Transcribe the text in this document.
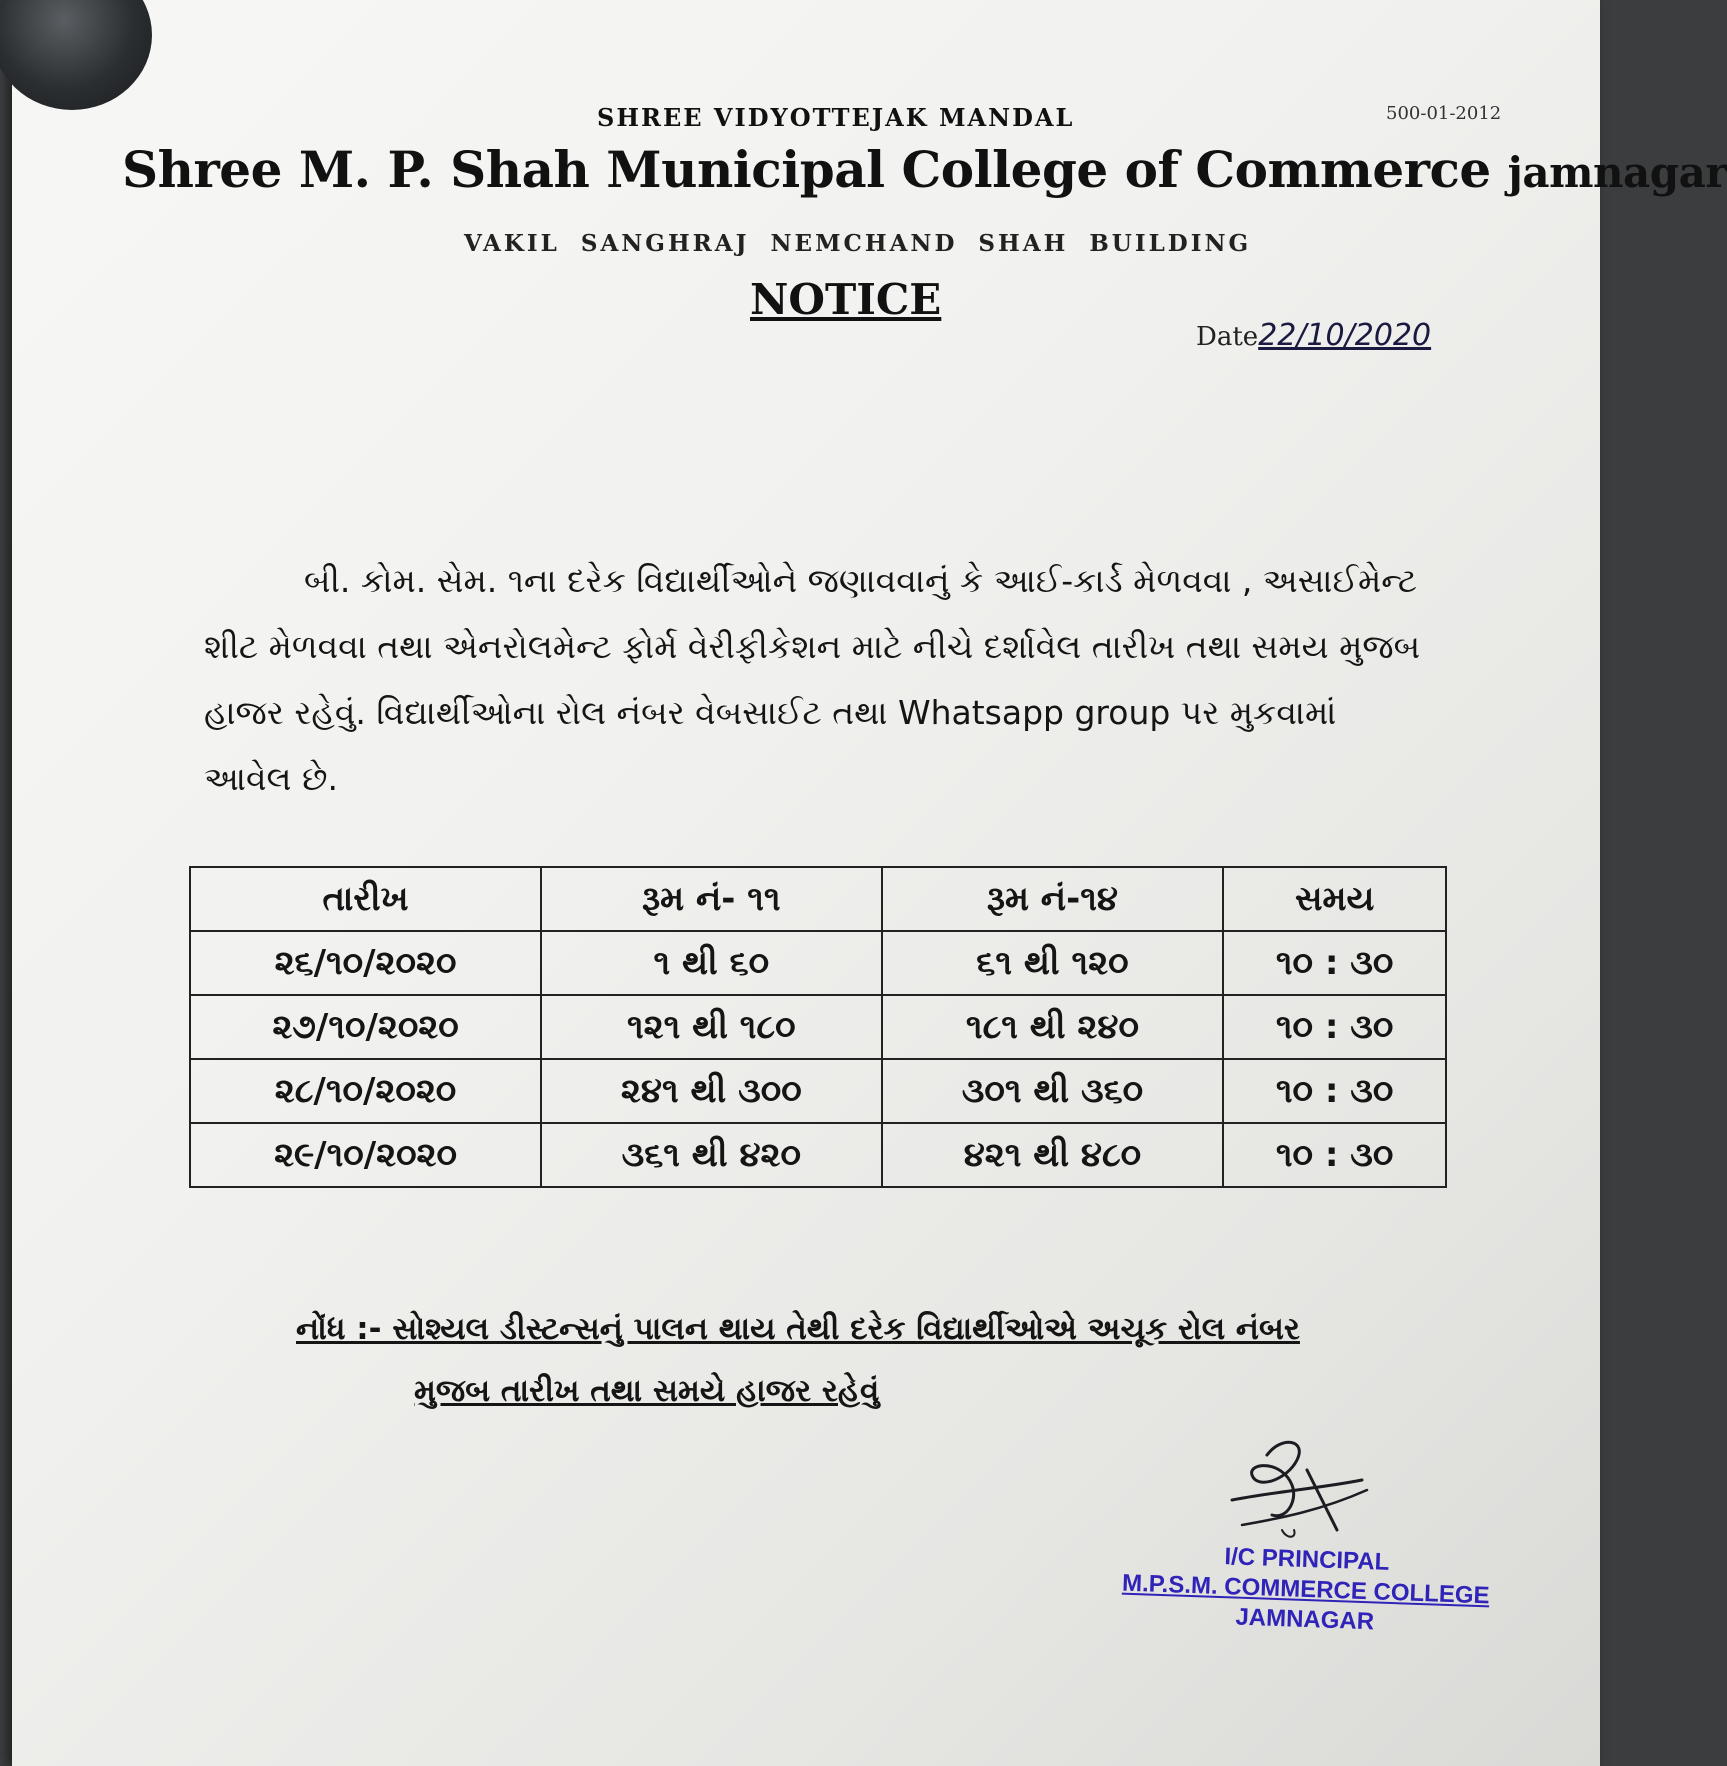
SHREE VIDYOTTEJAK MANDAL	500-01-2012
Shree M. P. Shah Municipal College of Commerce jamnagar
VAKIL SANGHRAJ NEMCHAND SHAH BUILDING
NOTICE
Date 22/10/2020
બી. કોમ. સેમ. ૧ના દરેક વિદ્યાર્થીઓને જણાવવાનું કે આઈ-કાર્ડ મેળવવા , અસાઈમેન્ટ શીટ મેળવવા તથા એનરોલમેન્ટ ફોર્મ વેરીફીકેશન માટે નીચે દર્શાવેલ તારીખ તથા સમય મુજબ હાજર રહેવું. વિદ્યાર્થીઓના રોલ નંબર વેબસાઈટ તથા Whatsapp group પર મુકવામાં આવેલ છે.
તારીખ	રૂમ નં- ૧૧	રૂમ નં-૧૪	સમય
૨૬/૧૦/૨૦૨૦	૧ થી ૬૦	૬૧ થી ૧૨૦	૧૦ : ૩૦
૨૭/૧૦/૨૦૨૦	૧૨૧ થી ૧૮૦	૧૮૧ થી ૨૪૦	૧૦ : ૩૦
૨૮/૧૦/૨૦૨૦	૨૪૧ થી ૩૦૦	૩૦૧ થી ૩૬૦	૧૦ : ૩૦
૨૯/૧૦/૨૦૨૦	૩૬૧ થી ૪૨૦	૪૨૧ થી ૪૮૦	૧૦ : ૩૦
નોંધ :- સોશ્યલ ડીસ્ટન્સનું પાલન થાય તેથી દરેક વિદ્યાર્થીઓએ અચૂક રોલ નંબર
મુજબ તારીખ તથા સમયે હાજર રહેવું
I/C PRINCIPAL
M.P.S.M. COMMERCE COLLEGE
JAMNAGAR
